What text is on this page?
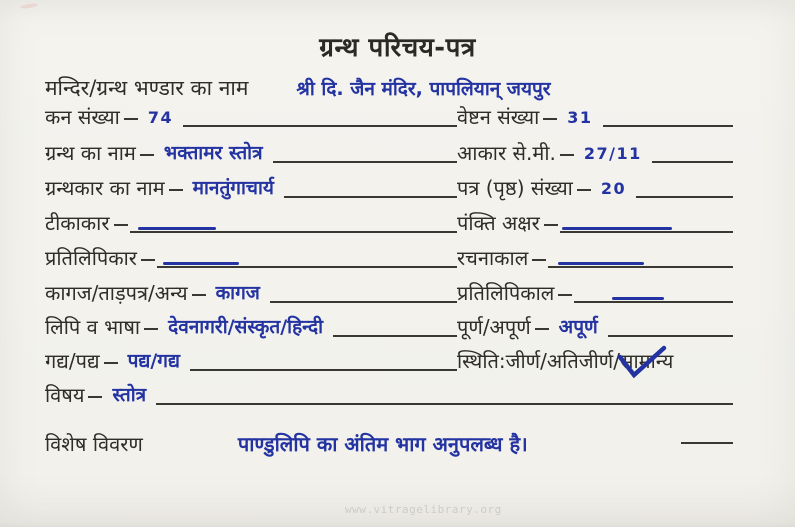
ग्रन्थ परिचय-पत्र
मन्दिर/ग्रन्थ भण्डार का नाम	श्री दि. जैन मंदिर, पापलियान् जयपुर
कन संख्या 74	वेष्टन संख्या 31
ग्रन्थ का नाम भक्तामर स्तोत्र	आकार से.मी. 27/11
ग्रन्थकार का नाम मानतुंगाचार्य	पत्र (पृष्ठ) संख्या 20
टीकाकार	पंक्ति अक्षर
प्रतिलिपिकार	रचनाकाल
कागज/ताड़पत्र/अन्य कागज	प्रतिलिपिकाल
लिपि व भाषा देवनागरी/संस्कृत/हिन्दी	पूर्ण/अपूर्ण अपूर्ण
गद्य/पद्य पद्य/गद्य	स्थिति:जीर्ण/अतिजीर्ण/सामान्य
विषय स्तोत्र
विशेष विवरण	पाण्डुलिपि का अंतिम भाग अनुपलब्ध है।
www.vitragelibrary.org
